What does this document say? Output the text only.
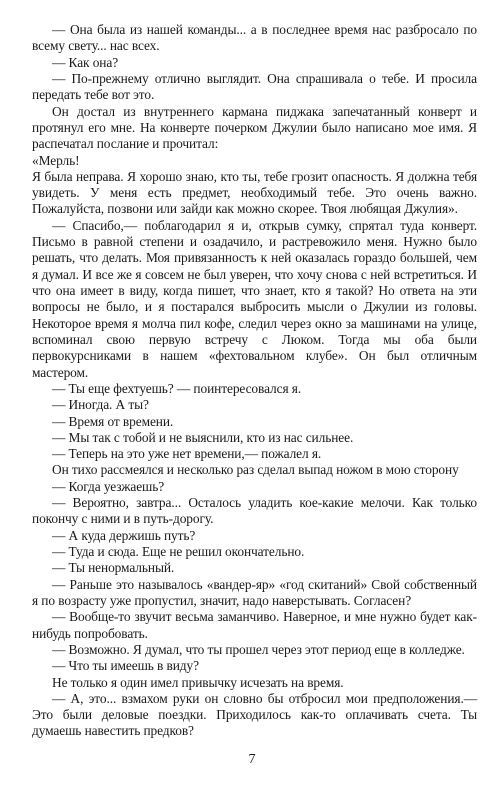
— Она была из нашей команды... а в последнее время нас разбросало по всему свету... нас всех.

— Как она?

— По-прежнему отлично выглядит. Она спрашивала о тебе. И просила передать тебе вот это.

Он достал из внутреннего кармана пиджака запечатанный конверт и протянул его мне. На конверте почерком Джулии было написано мое имя. Я распечатал послание и прочитал:

«Мерль!

Я была неправа. Я хорошо знаю, кто ты, тебе грозит опасность. Я должна тебя увидеть. У меня есть предмет, необходимый тебе. Это очень важно. Пожалуйста, позвони или зайди как можно скорее. Твоя любящая Джулия».

— Спасибо,— поблагодарил я и, открыв сумку, спрятал туда конверт. Письмо в равной степени и озадачило, и растревожило меня. Нужно было решать, что делать. Моя привязанность к ней оказалась гораздо большей, чем я думал. И все же я совсем не был уверен, что хочу снова с ней встретиться. И что она имеет в виду, когда пишет, что знает, кто я такой? Но ответа на эти вопросы не было, и я постарался выбросить мысли о Джулии из головы. Некоторое время я молча пил кофе, следил через окно за машинами на улице, вспоминал свою первую встречу с Люком. Тогда мы оба были первокурсниками в нашем «фехтовальном клубе». Он был отличным мастером.

— Ты еще фехтуешь? — поинтересовался я.

— Иногда. А ты?

— Время от времени.

— Мы так с тобой и не выяснили, кто из нас сильнее.

— Теперь на это уже нет времени,— пожалел я.

Он тихо рассмеялся и несколько раз сделал выпад ножом в мою сторону

— Когда уезжаешь?

— Вероятно, завтра... Осталось уладить кое-какие мелочи. Как только покончу с ними и в путь-дорогу.

— А куда держишь путь?

— Туда и сюда. Еще не решил окончательно.

— Ты ненормальный.

— Раньше это называлось «вандер-яр» «год скитаний» Свой собственный я по возрасту уже пропустил, значит, надо наверстывать. Согласен?

— Вообще-то звучит весьма заманчиво. Наверное, и мне нужно будет как-нибудь попробовать.

— Возможно. Я думал, что ты прошел через этот период еще в колледже.

— Что ты имеешь в виду?

Не только я один имел привычку исчезать на время.

— А, это... взмахом руки он словно бы отбросил мои предположения.— Это были деловые поездки. Приходилось как-то оплачивать счета. Ты думаешь навестить предков?

7
